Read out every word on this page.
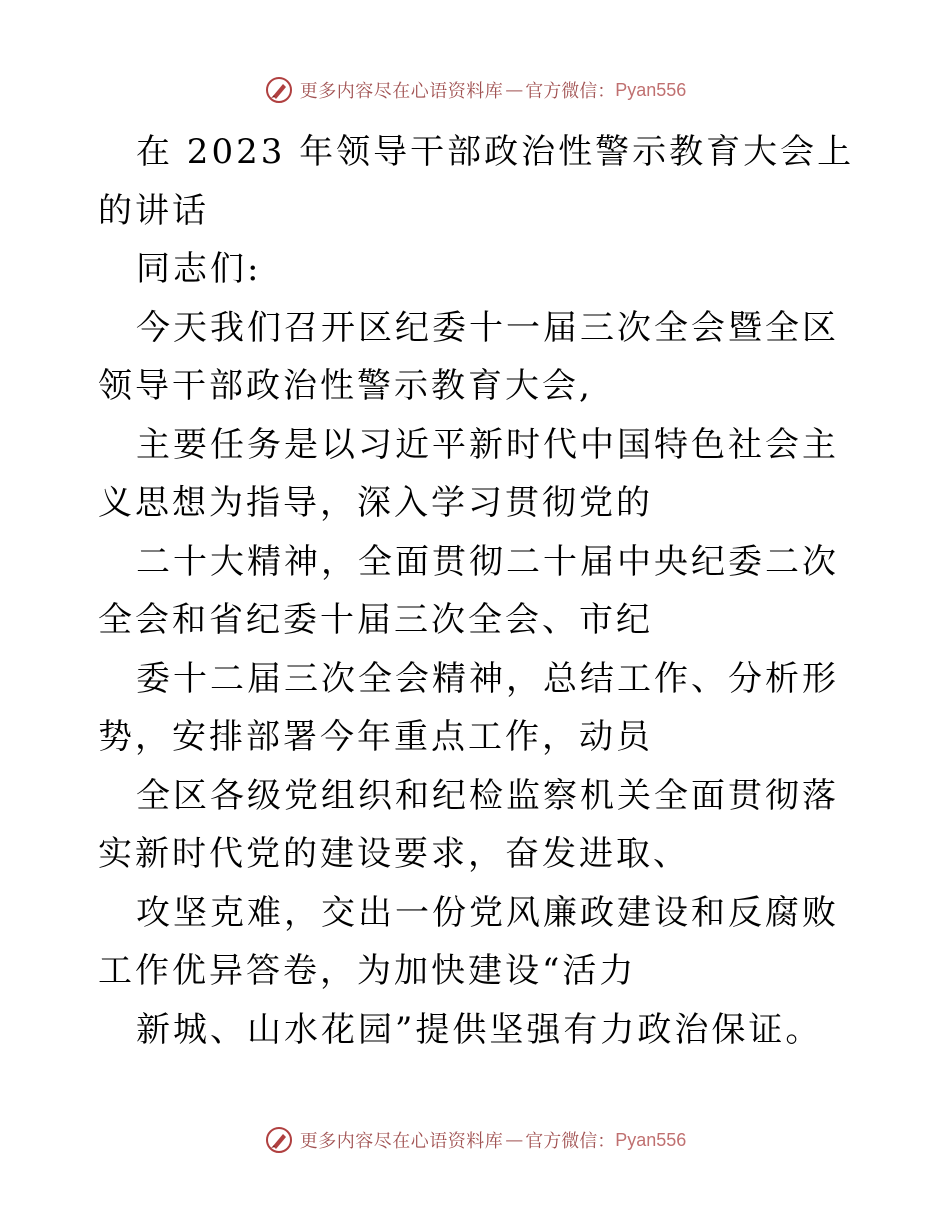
更多内容尽在心语资料库 — 官方微信： Pyan556

在 2023 年领导干部政治性警示教育大会上的讲话

同志们:

今天我们召开区纪委十一届三次全会暨全区领导干部政治性警示教育大会,

主要任务是以习近平新时代中国特色社会主义思想为指导，深入学习贯彻党的

二十大精神，全面贯彻二十届中央纪委二次全会和省纪委十届三次全会、市纪

委十二届三次全会精神，总结工作、分析形势，安排部署今年重点工作，动员

全区各级党组织和纪检监察机关全面贯彻落实新时代党的建设要求，奋发进取、

攻坚克难，交出一份党风廉政建设和反腐败工作优异答卷，为加快建设“活力

新城、山水花园”提供坚强有力政治保证。

更多内容尽在心语资料库 — 官方微信： Pyan556
